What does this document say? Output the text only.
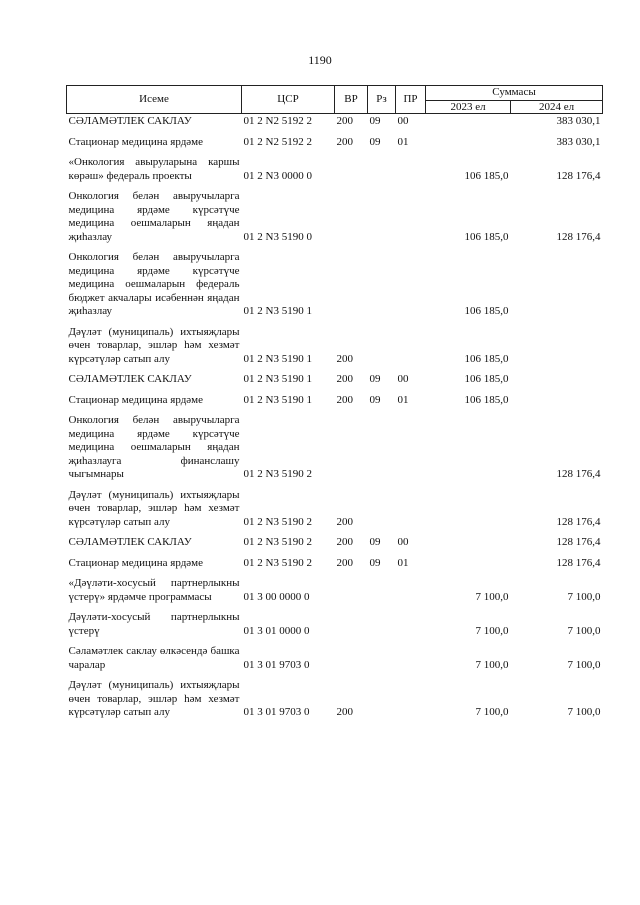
1190
Исеме	ЦСР	ВР	Рз	ПР	Суммасы	
					2023 ел	2024 ел
СӘЛАМӘТЛЕК САКЛАУ	01 2 N2 5192 2	200	09	00		383 030,1

Стационар медицина ярдәме	01 2 N2 5192 2	200	09	01		383 030,1

«Онкология авыруларына каршы көрәш» федераль проекты	01 2 N3 0000 0				106 185,0	128 176,4

Онкология белән авыручыларга медицина ярдәме күрсәтүче медицина оешмаларын яңадан җиһазлау	01 2 N3 5190 0				106 185,0	128 176,4

Онкология белән авыручыларга медицина ярдәме күрсәтүче медицина оешмаларын федераль бюджет акчалары исәбеннән яңадан җиһазлау	01 2 N3 5190 1				106 185,0	

Дәүләт (муниципаль) ихтыяҗлары өчен товарлар, эшләр һәм хезмәт күрсәтүләр сатып алу	01 2 N3 5190 1	200			106 185,0	

СӘЛАМӘТЛЕК САКЛАУ	01 2 N3 5190 1	200	09	00	106 185,0	

Стационар медицина ярдәме	01 2 N3 5190 1	200	09	01	106 185,0	

Онкология белән авыручыларга медицина ярдәме күрсәтүче медицина оешмаларын яңадан җиһазлауга финанслашу чыгымнары	01 2 N3 5190 2					128 176,4

Дәүләт (муниципаль) ихтыяҗлары өчен товарлар, эшләр һәм хезмәт күрсәтүләр сатып алу	01 2 N3 5190 2	200				128 176,4

СӘЛАМӘТЛЕК САКЛАУ	01 2 N3 5190 2	200	09	00		128 176,4

Стационар медицина ярдәме	01 2 N3 5190 2	200	09	01		128 176,4

«Дәүләти-хосусый партнерлыкны үстерү» ярдәмче программасы	01 3 00 0000 0				7 100,0	7 100,0

Дәүләти-хосусый партнерлыкны үстерү	01 3 01 0000 0				7 100,0	7 100,0

Сәламәтлек саклау өлкәсендә башка чаралар	01 3 01 9703 0				7 100,0	7 100,0

Дәүләт (муниципаль) ихтыяҗлары өчен товарлар, эшләр һәм хезмәт күрсәтүләр сатып алу	01 3 01 9703 0	200			7 100,0	7 100,0
